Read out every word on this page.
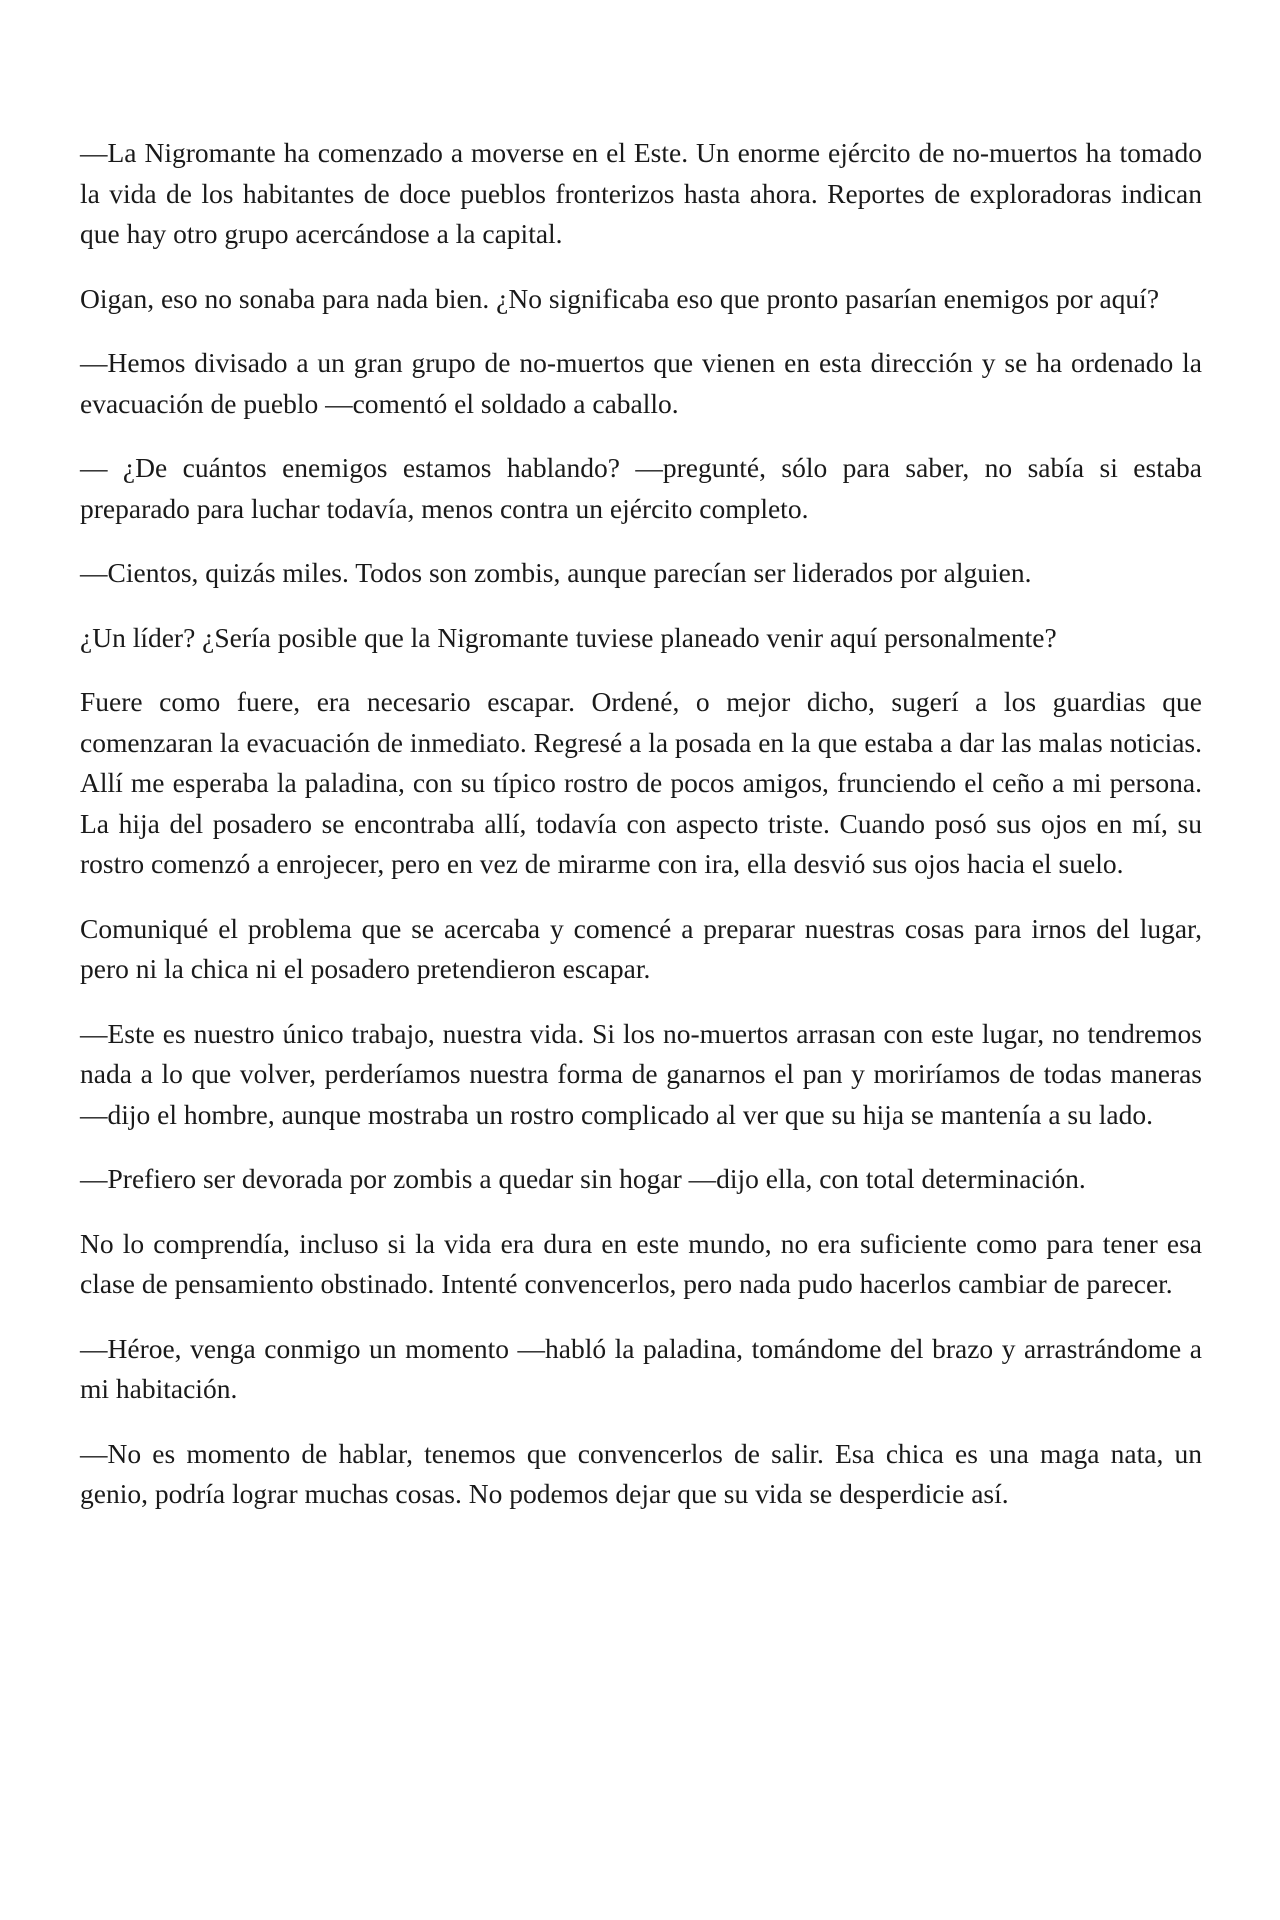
—La Nigromante ha comenzado a moverse en el Este. Un enorme ejército de no-muertos ha tomado la vida de los habitantes de doce pueblos fronterizos hasta ahora. Reportes de exploradoras indican que hay otro grupo acercándose a la capital.

Oigan, eso no sonaba para nada bien. ¿No significaba eso que pronto pasarían enemigos por aquí?

—Hemos divisado a un gran grupo de no-muertos que vienen en esta dirección y se ha ordenado la evacuación de pueblo —comentó el soldado a caballo.

— ¿De cuántos enemigos estamos hablando? —pregunté, sólo para saber, no sabía si estaba preparado para luchar todavía, menos contra un ejército completo.

—Cientos, quizás miles. Todos son zombis, aunque parecían ser liderados por alguien.

¿Un líder? ¿Sería posible que la Nigromante tuviese planeado venir aquí personalmente?

Fuere como fuere, era necesario escapar. Ordené, o mejor dicho, sugerí a los guardias que comenzaran la evacuación de inmediato. Regresé a la posada en la que estaba a dar las malas noticias. Allí me esperaba la paladina, con su típico rostro de pocos amigos, frunciendo el ceño a mi persona. La hija del posadero se encontraba allí, todavía con aspecto triste. Cuando posó sus ojos en mí, su rostro comenzó a enrojecer, pero en vez de mirarme con ira, ella desvió sus ojos hacia el suelo.

Comuniqué el problema que se acercaba y comencé a preparar nuestras cosas para irnos del lugar, pero ni la chica ni el posadero pretendieron escapar.

—Este es nuestro único trabajo, nuestra vida. Si los no-muertos arrasan con este lugar, no tendremos nada a lo que volver, perderíamos nuestra forma de ganarnos el pan y moriríamos de todas maneras —dijo el hombre, aunque mostraba un rostro complicado al ver que su hija se mantenía a su lado.

—Prefiero ser devorada por zombis a quedar sin hogar —dijo ella, con total determinación.

No lo comprendía, incluso si la vida era dura en este mundo, no era suficiente como para tener esa clase de pensamiento obstinado. Intenté convencerlos, pero nada pudo hacerlos cambiar de parecer.

—Héroe, venga conmigo un momento —habló la paladina, tomándome del brazo y arrastrándome a mi habitación.

—No es momento de hablar, tenemos que convencerlos de salir. Esa chica es una maga nata, un genio, podría lograr muchas cosas. No podemos dejar que su vida se desperdicie así.
